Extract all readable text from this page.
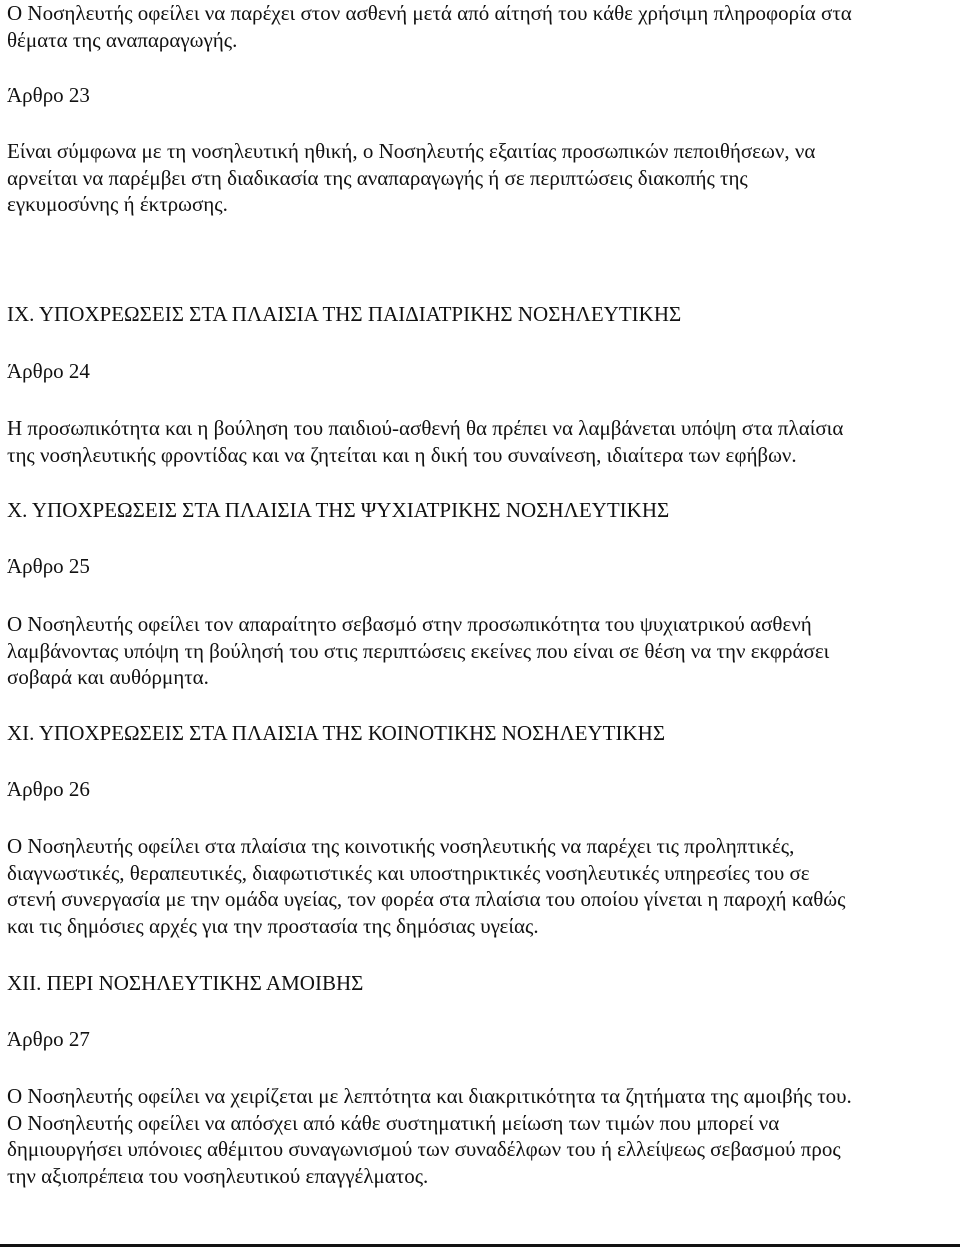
Ο Νοσηλευτής οφείλει να παρέχει στον ασθενή μετά από αίτησή του κάθε χρήσιμη πληροφορία στα
θέματα της αναπαραγωγής.

Άρθρο 23

Είναι σύμφωνα με τη νοσηλευτική ηθική, ο Νοσηλευτής εξαιτίας προσωπικών πεποιθήσεων, να
αρνείται να παρέμβει στη διαδικασία της αναπαραγωγής ή σε περιπτώσεις διακοπής της
εγκυμοσύνης ή έκτρωσης.

ΙΧ. ΥΠΟΧΡΕΩΣΕΙΣ ΣΤΑ ΠΛΑΙΣΙΑ ΤΗΣ ΠΑΙΔΙΑΤΡΙΚΗΣ ΝΟΣΗΛΕΥΤΙΚΗΣ

Άρθρο 24

Η προσωπικότητα και η βούληση του παιδιού-ασθενή θα πρέπει να λαμβάνεται υπόψη στα πλαίσια
της νοσηλευτικής φροντίδας και να ζητείται και η δική του συναίνεση, ιδιαίτερα των εφήβων.

Χ. ΥΠΟΧΡΕΩΣΕΙΣ ΣΤΑ ΠΛΑΙΣΙΑ ΤΗΣ ΨΥΧΙΑΤΡΙΚΗΣ ΝΟΣΗΛΕΥΤΙΚΗΣ

Άρθρο 25

Ο Νοσηλευτής οφείλει τον απαραίτητο σεβασμό στην προσωπικότητα του ψυχιατρικού ασθενή
λαμβάνοντας υπόψη τη βούλησή του στις περιπτώσεις εκείνες που είναι σε θέση να την εκφράσει
σοβαρά και αυθόρμητα.

ΧΙ. ΥΠΟΧΡΕΩΣΕΙΣ ΣΤΑ ΠΛΑΙΣΙΑ ΤΗΣ ΚΟΙΝΟΤΙΚΗΣ ΝΟΣΗΛΕΥΤΙΚΗΣ

Άρθρο 26

Ο Νοσηλευτής οφείλει στα πλαίσια της κοινοτικής νοσηλευτικής να παρέχει τις προληπτικές,
διαγνωστικές, θεραπευτικές, διαφωτιστικές και υποστηρικτικές νοσηλευτικές υπηρεσίες του σε
στενή συνεργασία με την ομάδα υγείας, τον φορέα στα πλαίσια του οποίου γίνεται η παροχή καθώς
και τις δημόσιες αρχές για την προστασία της δημόσιας υγείας.

ΧΙΙ. ΠΕΡΙ ΝΟΣΗΛΕΥΤΙΚΗΣ ΑΜΟΙΒΗΣ

Άρθρο 27

Ο Νοσηλευτής οφείλει να χειρίζεται με λεπτότητα και διακριτικότητα τα ζητήματα της αμοιβής του.
Ο Νοσηλευτής οφείλει να απόσχει από κάθε συστηματική μείωση των τιμών που μπορεί να
δημιουργήσει υπόνοιες αθέμιτου συναγωνισμού των συναδέλφων του ή ελλείψεως σεβασμού προς
την αξιοπρέπεια του νοσηλευτικού επαγγέλματος.
